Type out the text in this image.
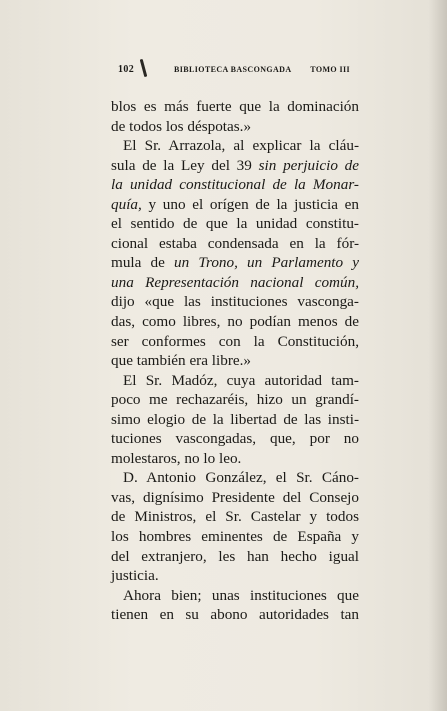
102	BIBLIOTECA BASCONGADA TOMO III
blos es más fuerte que la dominación
de todos los déspotas.»
El Sr. Arrazola, al explicar la cláu-
sula de la Ley del 39 sin perjuicio de
la unidad constitucional de la Monar-
quía, y uno el orígen de la justicia en
el sentido de que la unidad constitu-
cional estaba condensada en la fór-
mula de un Trono, un Parlamento y
una Representación nacional común,
dijo «que las instituciones vasconga-
das, como libres, no podían menos de
ser conformes con la Constitución,
que también era libre.»
El Sr. Madóz, cuya autoridad tam-
poco me rechazaréis, hizo un grandí-
simo elogio de la libertad de las insti-
tuciones vascongadas, que, por no
molestaros, no lo leo.
D. Antonio González, el Sr. Cáno-
vas, dignísimo Presidente del Consejo
de Ministros, el Sr. Castelar y todos
los hombres eminentes de España y
del extranjero, les han hecho igual
justicia.
Ahora bien; unas instituciones que
tienen en su abono autoridades tan
